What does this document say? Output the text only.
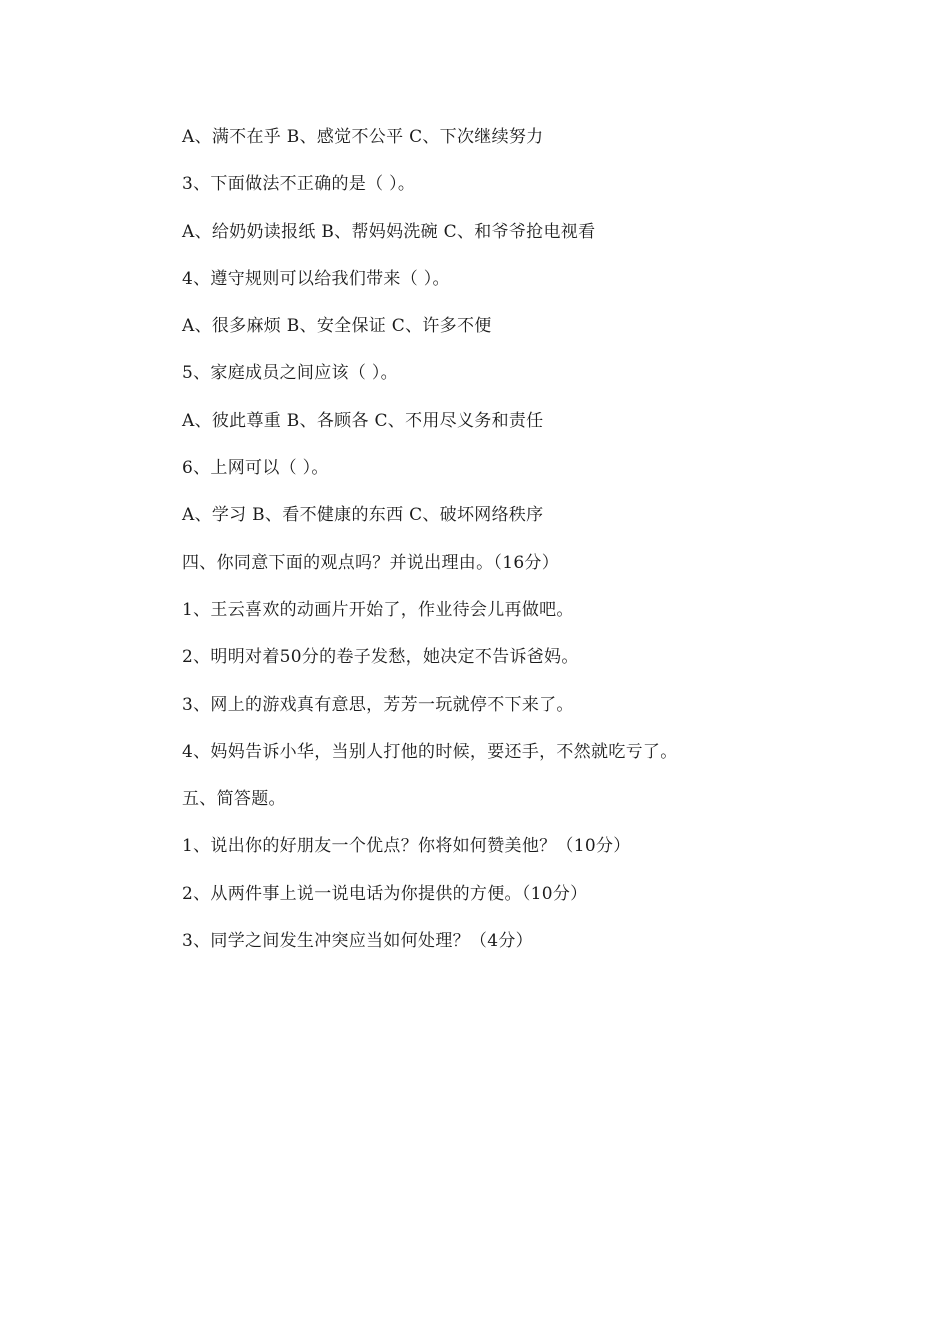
A、满不在乎 B、感觉不公平 C、下次继续努力
3、下面做法不正确的是（ ）。
A、给奶奶读报纸 B、帮妈妈洗碗 C、和爷爷抢电视看
4、遵守规则可以给我们带来（ ）。
A、很多麻烦 B、安全保证 C、许多不便
5、家庭成员之间应该（ ）。
A、彼此尊重 B、各顾各 C、不用尽义务和责任
6、上网可以（ ）。
A、学习 B、看不健康的东西 C、破坏网络秩序
四、你同意下面的观点吗？并说出理由。（16分）
1、王云喜欢的动画片开始了，作业待会儿再做吧。
2、明明对着50分的卷子发愁，她决定不告诉爸妈。
3、网上的游戏真有意思，芳芳一玩就停不下来了。
4、妈妈告诉小华，当别人打他的时候，要还手，不然就吃亏了。
五、简答题。
1、说出你的好朋友一个优点？你将如何赞美他？（10分）
2、从两件事上说一说电话为你提供的方便。（10分）
3、同学之间发生冲突应当如何处理？（4分）
